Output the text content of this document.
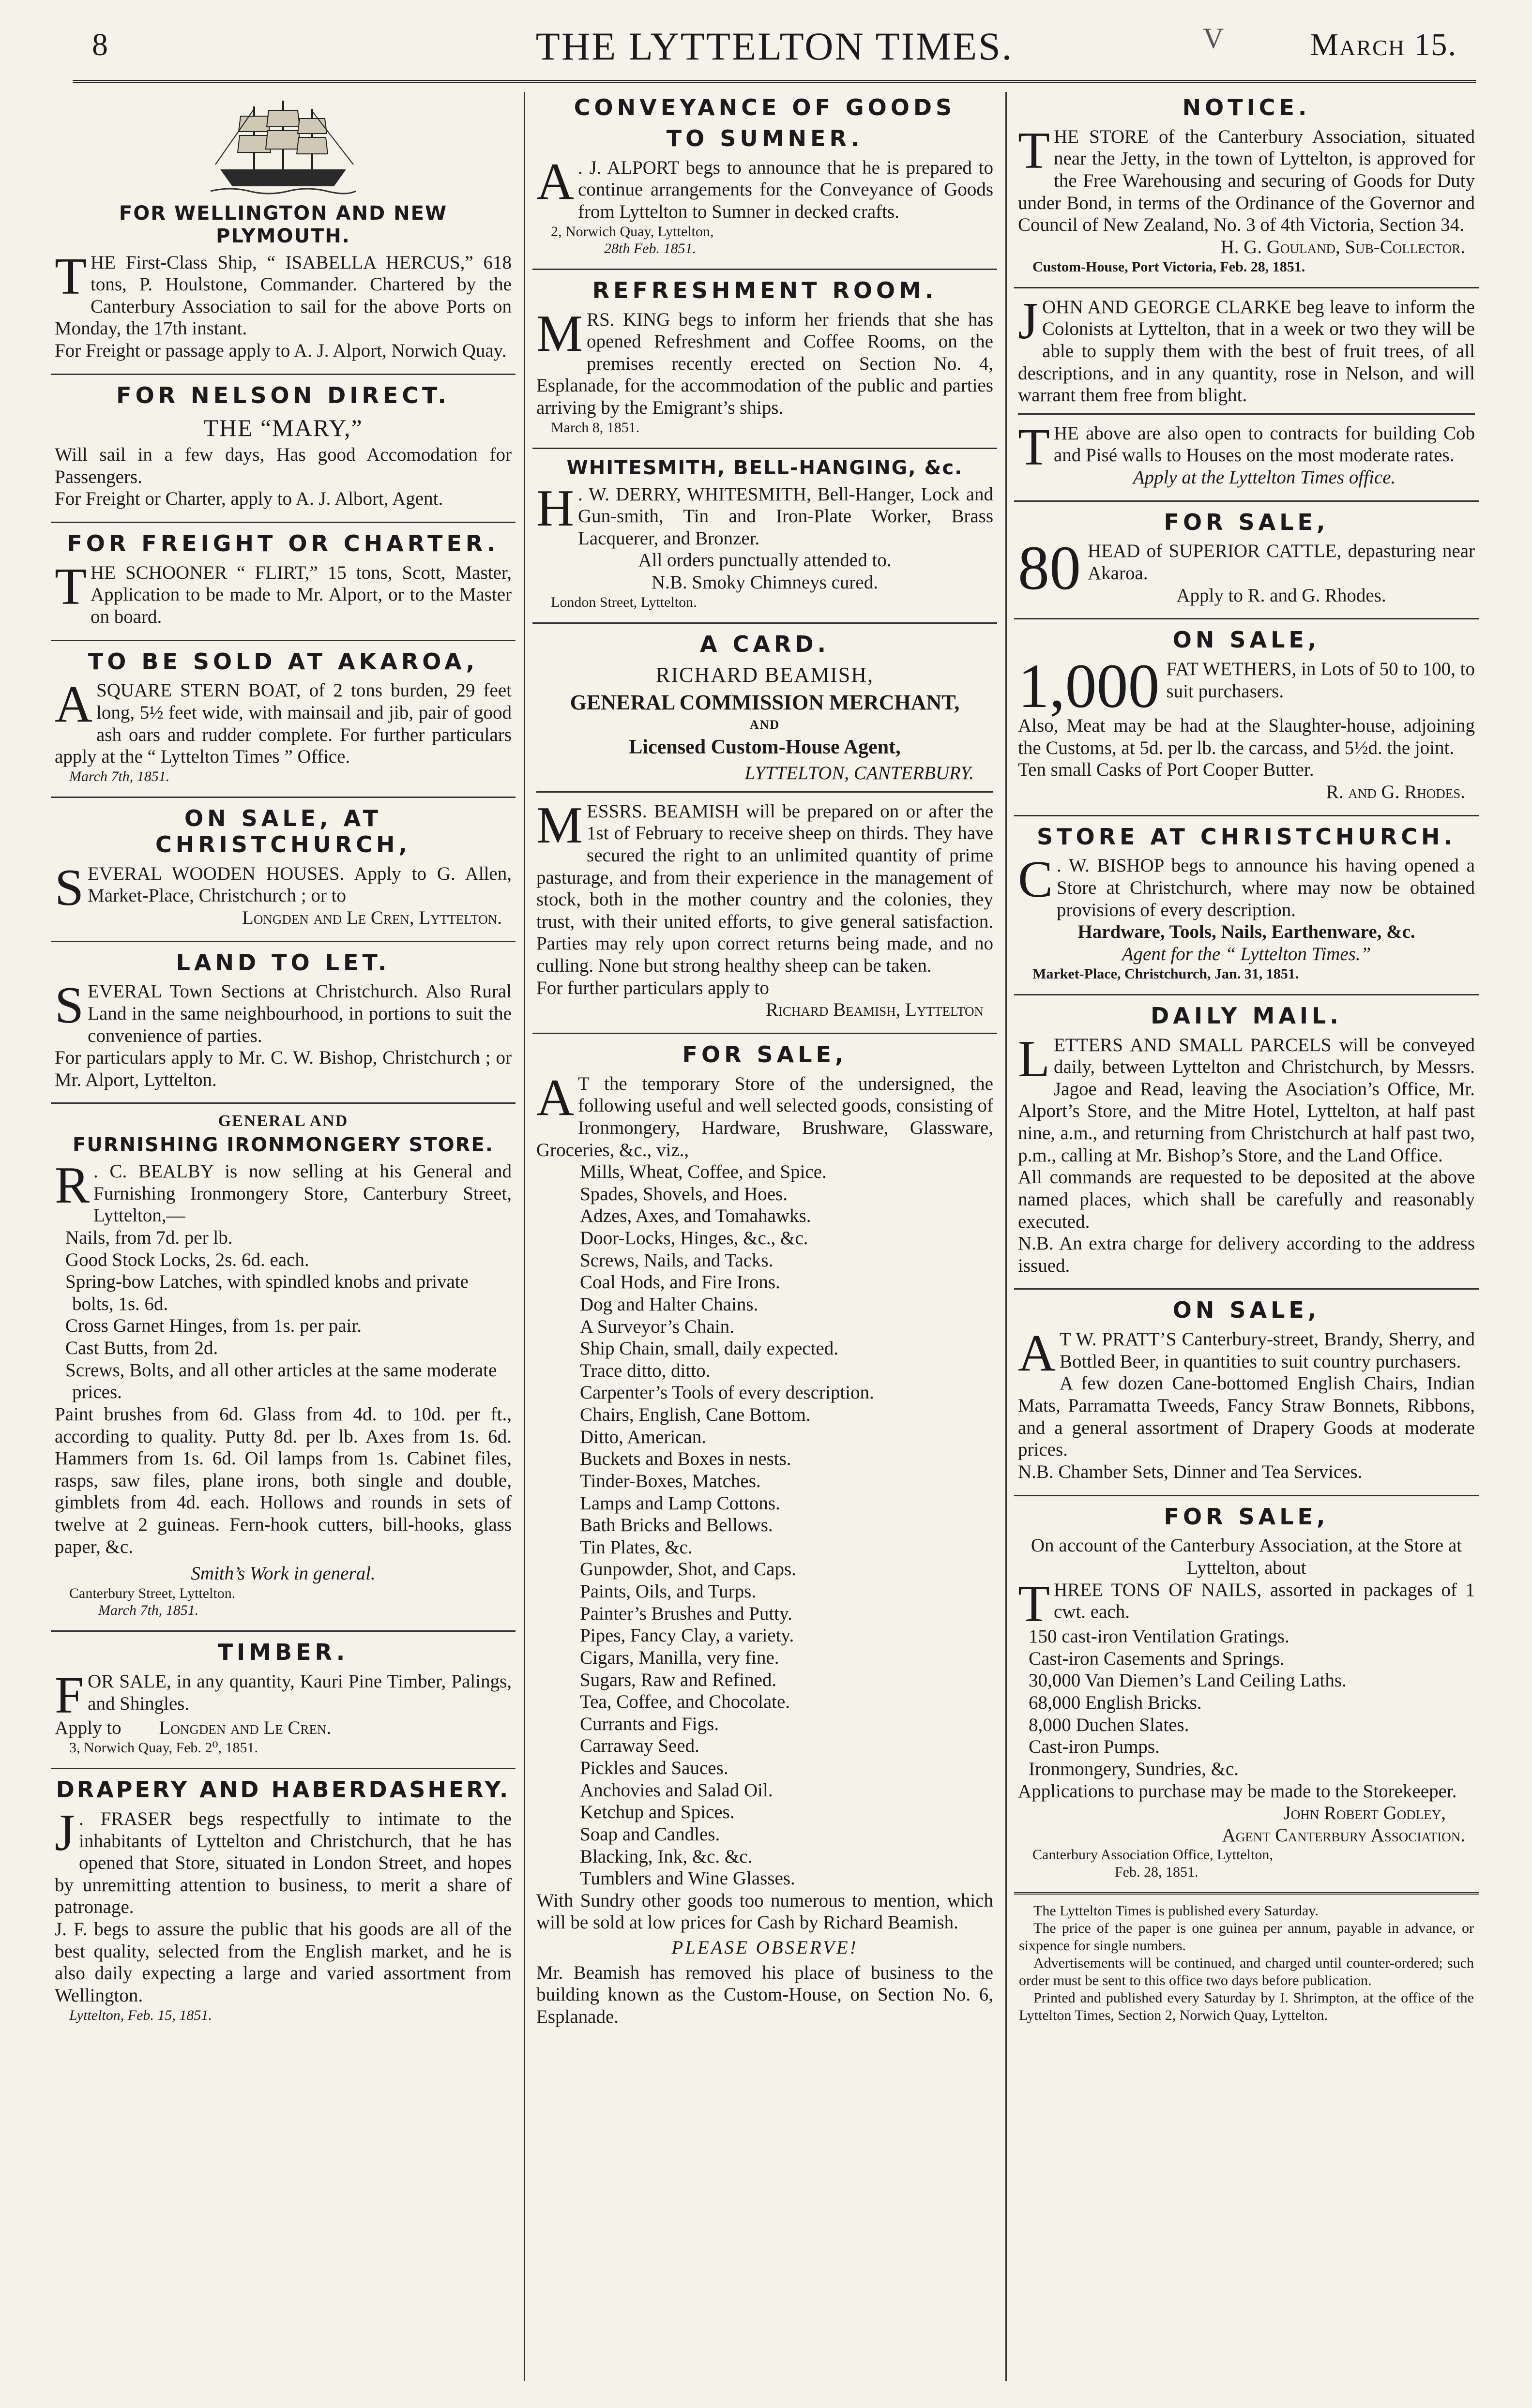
8	THE LYTTELTON TIMES.	V	March 15.
FOR WELLINGTON AND NEW PLYMOUTH.

THE First-Class Ship, “ ISABELLA HERCUS,” 618 tons, P. Houlstone, Commander. Chartered by the Canterbury Association to sail for the above Ports on Monday, the 17th instant.

For Freight or passage apply to A. J. Alport, Norwich Quay.

FOR NELSON DIRECT.
THE “MARY,”

Will sail in a few days, Has good Accomodation for Passengers.

For Freight or Charter, apply to A. J. Albort, Agent.

FOR FREIGHT OR CHARTER.

THE SCHOONER “ FLIRT,” 15 tons, Scott, Master, Application to be made to Mr. Alport, or to the Master on board.

TO BE SOLD AT AKAROA,

ASQUARE STERN BOAT, of 2 tons burden, 29 feet long, 5½ feet wide, with mainsail and jib, pair of good ash oars and rudder complete. For further particulars apply at the “ Lyttelton Times ” Office.

March 7th, 1851.
ON SALE, AT CHRISTCHURCH,

SEVERAL WOODEN HOUSES. Apply to G. Allen, Market-Place, Christchurch ; or to

Longden and Le Cren, Lyttelton.
LAND TO LET.

SEVERAL Town Sections at Christchurch. Also Rural Land in the same neighbourhood, in portions to suit the convenience of parties.

For particulars apply to Mr. C. W. Bishop, Christchurch ; or Mr. Alport, Lyttelton.

GENERAL AND
FURNISHING IRONMONGERY STORE.

R . C. BEALBY is now selling at his General and Furnishing Ironmongery Store, Canterbury Street, Lyttelton,—

Nails, from 7d. per lb.

Good Stock Locks, 2s. 6d. each.

Spring-bow Latches, with spindled knobs and private bolts, 1s. 6d.

Cross Garnet Hinges, from 1s. per pair.

Cast Butts, from 2d.

Screws, Bolts, and all other articles at the same moderate prices.

Paint brushes from 6d. Glass from 4d. to 10d. per ft., according to quality. Putty 8d. per lb. Axes from 1s. 6d. Hammers from 1s. 6d. Oil lamps from 1s. Cabinet files, rasps, saw files, plane irons, both single and double, gimblets from 4d. each. Hollows and rounds in sets of twelve at 2 guineas. Fern-hook cutters, bill-hooks, glass paper, &c.

Smith’s Work in general.
Canterbury Street, Lyttelton.
March 7th, 1851.
TIMBER.

FOR SALE, in any quantity, Kauri Pine Timber, Palings, and Shingles.

Apply to Longden and Le Cren.

3, Norwich Quay, Feb. 2⁰, 1851.
DRAPERY AND HABERDASHERY.

J . FRASER begs respectfully to intimate to the inhabitants of Lyttelton and Christchurch, that he has opened that Store, situated in London Street, and hopes by unremitting attention to business, to merit a share of patronage.

J. F. begs to assure the public that his goods are all of the best quality, selected from the English market, and he is also daily expecting a large and varied assortment from Wellington.

Lyttelton, Feb. 15, 1851.
CONVEYANCE OF GOODS
TO SUMNER.

A . J. ALPORT begs to announce that he is prepared to continue arrangements for the Conveyance of Goods from Lyttelton to Sumner in decked crafts.

2, Norwich Quay, Lyttelton,
28th Feb. 1851.
REFRESHMENT ROOM.

MRS. KING begs to inform her friends that she has opened Refreshment and Coffee Rooms, on the premises recently erected on Section No. 4, Esplanade, for the accommodation of the public and parties arriving by the Emigrant’s ships.

March 8, 1851.
WHITESMITH, BELL-HANGING, &c.

H . W. DERRY, WHITESMITH, Bell-Hanger, Lock and Gun-smith, Tin and Iron-Plate Worker, Brass Lacquerer, and Bronzer.

All orders punctually attended to.
N.B. Smoky Chimneys cured.
London Street, Lyttelton.
A CARD.
RICHARD BEAMISH,
GENERAL COMMISSION MERCHANT,
AND
Licensed Custom-House Agent,
LYTTELTON, CANTERBURY.

MESSRS. BEAMISH will be prepared on or after the 1st of February to receive sheep on thirds. They have secured the right to an unlimited quantity of prime pasturage, and from their experience in the management of stock, both in the mother country and the colonies, they trust, with their united efforts, to give general satisfaction. Parties may rely upon correct returns being made, and no culling. None but strong healthy sheep can be taken.

For further particulars apply to

Richard Beamish, Lyttelton
FOR SALE,

A T the temporary Store of the undersigned, the following useful and well selected goods, consisting of Ironmongery, Hardware, Brushware, Glassware, Groceries, &c., viz.,

Mills, Wheat, Coffee, and Spice.

Spades, Shovels, and Hoes.

Adzes, Axes, and Tomahawks.

Door-Locks, Hinges, &c., &c.

Screws, Nails, and Tacks.

Coal Hods, and Fire Irons.

Dog and Halter Chains.

A Surveyor’s Chain.

Ship Chain, small, daily expected.

Trace ditto, ditto.

Carpenter’s Tools of every description.

Chairs, English, Cane Bottom.

Ditto, American.

Buckets and Boxes in nests.

Tinder-Boxes, Matches.

Lamps and Lamp Cottons.

Bath Bricks and Bellows.

Tin Plates, &c.

Gunpowder, Shot, and Caps.

Paints, Oils, and Turps.

Painter’s Brushes and Putty.

Pipes, Fancy Clay, a variety.

Cigars, Manilla, very fine.

Sugars, Raw and Refined.

Tea, Coffee, and Chocolate.

Currants and Figs.

Carraway Seed.

Pickles and Sauces.

Anchovies and Salad Oil.

Ketchup and Spices.

Soap and Candles.

Blacking, Ink, &c. &c.

Tumblers and Wine Glasses.

With Sundry other goods too numerous to mention, which will be sold at low prices for Cash by Richard Beamish.

PLEASE OBSERVE!

Mr. Beamish has removed his place of business to the building known as the Custom-House, on Section No. 6, Esplanade.

NOTICE.

THE STORE of the Canterbury Association, situated near the Jetty, in the town of Lyttelton, is approved for the Free Warehousing and securing of Goods for Duty under Bond, in terms of the Ordinance of the Governor and Council of New Zealand, No. 3 of 4th Victoria, Section 34.

H. G. Gouland, Sub-Collector.
Custom-House, Port Victoria, Feb. 28, 1851.

JOHN AND GEORGE CLARKE beg leave to inform the Colonists at Lyttelton, that in a week or two they will be able to supply them with the best of fruit trees, of all descriptions, and in any quantity, rose in Nelson, and will warrant them free from blight.

THE above are also open to contracts for building Cob and Pisé walls to Houses on the most moderate rates.

Apply at the Lyttelton Times office.
FOR SALE,

80 HEAD of SUPERIOR CATTLE, depasturing near Akaroa.

Apply to R. and G. Rhodes.
ON SALE,

1,000 FAT WETHERS, in Lots of 50 to 100, to suit purchasers.

Also, Meat may be had at the Slaughter-house, adjoining the Customs, at 5d. per lb. the carcass, and 5½d. the joint.

Ten small Casks of Port Cooper Butter.

R. and G. Rhodes.
STORE AT CHRISTCHURCH.

C . W. BISHOP begs to announce his having opened a Store at Christchurch, where may now be obtained provisions of every description.

Hardware, Tools, Nails, Earthenware, &c.
Agent for the “ Lyttelton Times.”
Market-Place, Christchurch, Jan. 31, 1851.
DAILY MAIL.

LETTERS AND SMALL PARCELS will be conveyed daily, between Lyttelton and Christchurch, by Messrs. Jagoe and Read, leaving the Asociation’s Office, Mr. Alport’s Store, and the Mitre Hotel, Lyttelton, at half past nine, a.m., and returning from Christchurch at half past two, p.m., calling at Mr. Bishop’s Store, and the Land Office.

All commands are requested to be deposited at the above named places, which shall be carefully and reasonably executed.

N.B. An extra charge for delivery according to the address issued.

ON SALE,

A T W. PRATT’S Canterbury-street, Brandy, Sherry, and Bottled Beer, in quantities to suit country purchasers.

A few dozen Cane-bottomed English Chairs, Indian Mats, Parramatta Tweeds, Fancy Straw Bonnets, Ribbons, and a general assortment of Drapery Goods at moderate prices.

N.B. Chamber Sets, Dinner and Tea Services.

FOR SALE,
On account of the Canterbury Association, at the Store at Lyttelton, about

THREE TONS OF NAILS, assorted in packages of 1 cwt. each.

150 cast-iron Ventilation Gratings.

Cast-iron Casements and Springs.

30,000 Van Diemen’s Land Ceiling Laths.

68,000 English Bricks.

8,000 Duchen Slates.

Cast-iron Pumps.

Ironmongery, Sundries, &c.

Applications to purchase may be made to the Storekeeper.

John Robert Godley,
Agent Canterbury Association.
Canterbury Association Office, Lyttelton,
Feb. 28, 1851.
The Lyttelton Times is published every Saturday.
The price of the paper is one guinea per annum, payable in advance, or sixpence for single numbers.
Advertisements will be continued, and charged until counter-ordered; such order must be sent to this office two days before publication.
Printed and published every Saturday by I. Shrimpton, at the office of the Lyttelton Times, Section 2, Norwich Quay, Lyttelton.
